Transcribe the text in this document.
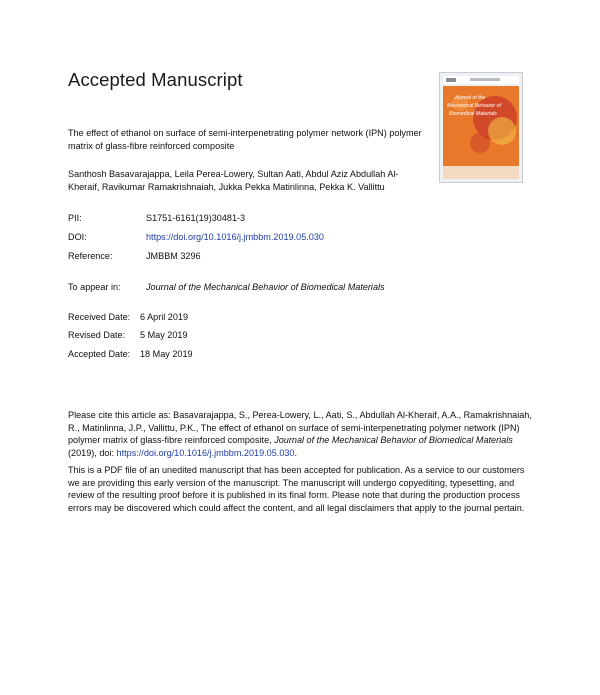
Accepted Manuscript
Journal of the
Mechanical Behavior of
Biomedical Materials
The effect of ethanol on surface of semi-interpenetrating polymer network (IPN) polymer matrix of glass-fibre reinforced composite
Santhosh Basavarajappa, Leila Perea-Lowery, Sultan Aati, Abdul Aziz Abdullah Al-Kheraif, Ravikumar Ramakrishnaiah, Jukka Pekka Matinlinna, Pekka K. Vallittu
PII:	S1751-6161(19)30481-3
DOI:	https://doi.org/10.1016/j.jmbbm.2019.05.030
Reference:	JMBBM 3296
To appear in:	Journal of the Mechanical Behavior of Biomedical Materials
Received Date: 6 April 2019
Revised Date: 5 May 2019
Accepted Date: 18 May 2019
Please cite this article as: Basavarajappa, S., Perea-Lowery, L., Aati, S., Abdullah Al-Kheraif, A.A., Ramakrishnaiah, R., Matinlinna, J.P., Vallittu, P.K., The effect of ethanol on surface of semi-interpenetrating polymer network (IPN) polymer matrix of glass-fibre reinforced composite, Journal of the Mechanical Behavior of Biomedical Materials (2019), doi: https://doi.org/10.1016/j.jmbbm.2019.05.030.
This is a PDF file of an unedited manuscript that has been accepted for publication. As a service to our customers we are providing this early version of the manuscript. The manuscript will undergo copyediting, typesetting, and review of the resulting proof before it is published in its final form. Please note that during the production process errors may be discovered which could affect the content, and all legal disclaimers that apply to the journal pertain.
